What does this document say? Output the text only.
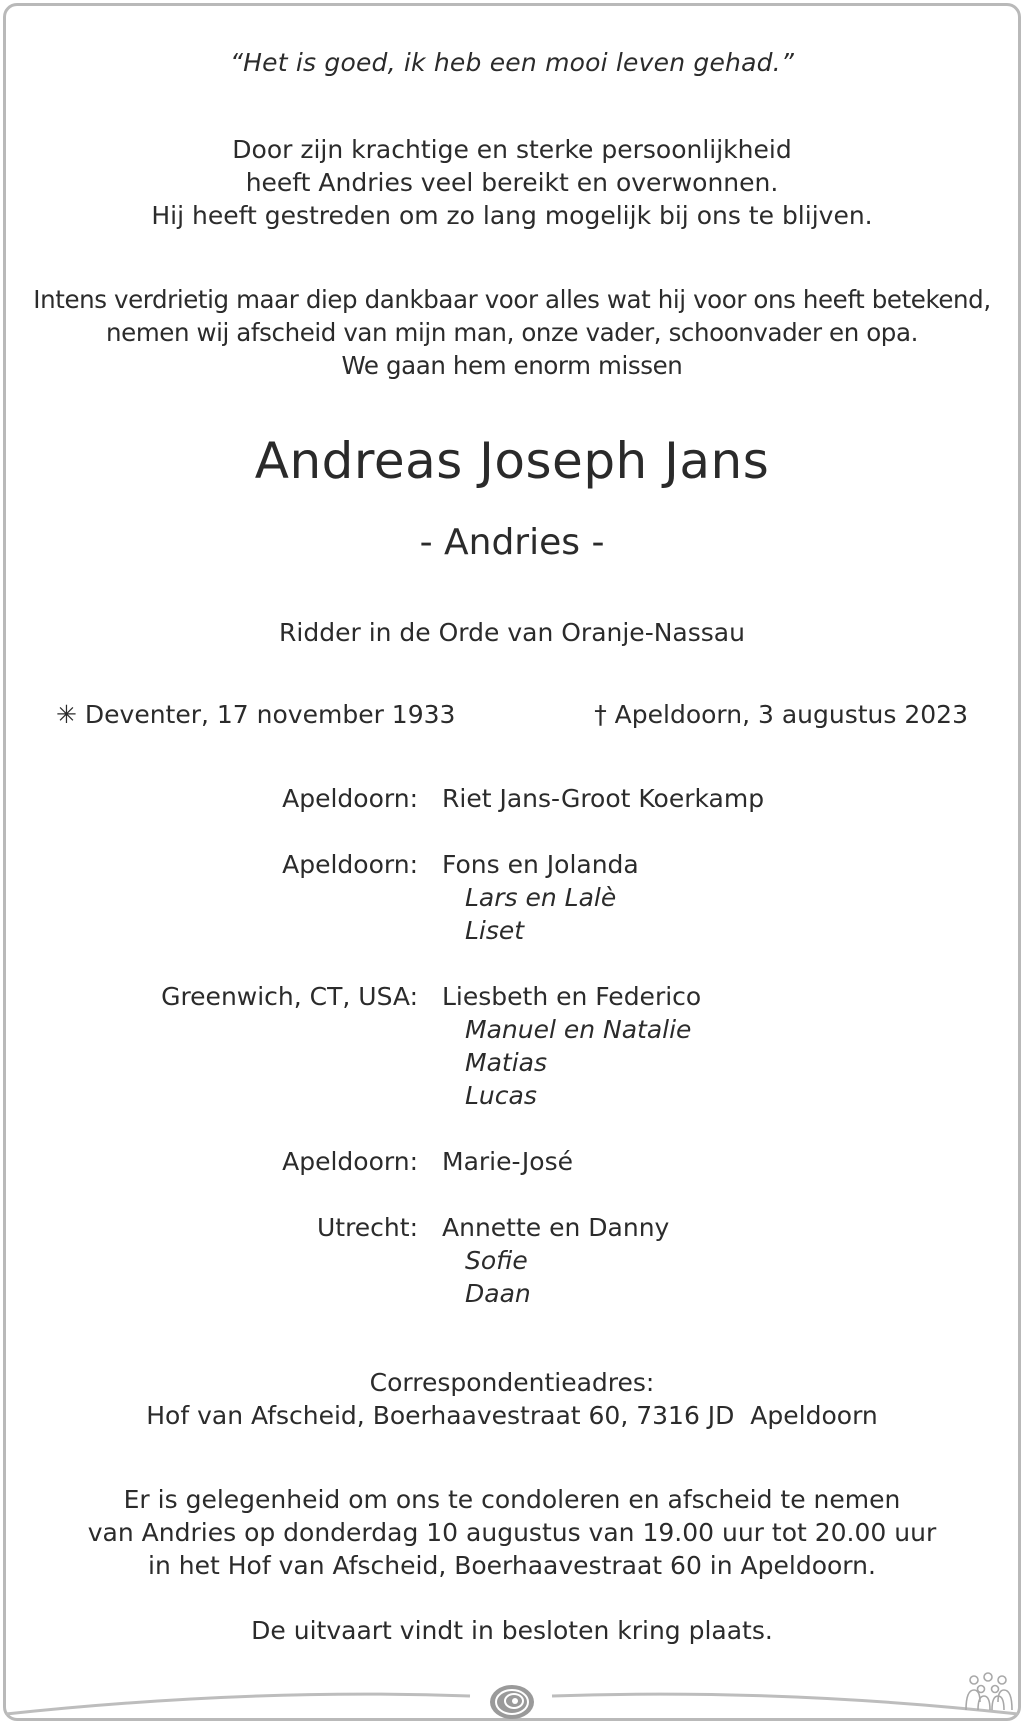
“Het is goed, ik heb een mooi leven gehad.”
Door zijn krachtige en sterke persoonlijkheid
heeft Andries veel bereikt en overwonnen.
Hij heeft gestreden om zo lang mogelijk bij ons te blijven.
Intens verdrietig maar diep dankbaar voor alles wat hij voor ons heeft betekend,
nemen wij afscheid van mijn man, onze vader, schoonvader en opa.
We gaan hem enorm missen
Andreas Joseph Jans
- Andries -
Ridder in de Orde van Oranje-Nassau
✳ Deventer, 17 november 1933	† Apeldoorn, 3 augustus 2023
Apeldoorn: Riet Jans-Groot Koerkamp
Apeldoorn: Fons en Jolanda
Lars en Lalè
Liset
Greenwich, CT, USA: Liesbeth en Federico
Manuel en Natalie
Matias
Lucas
Apeldoorn: Marie-José
Utrecht: Annette en Danny
Sofie
Daan
Correspondentieadres:
Hof van Afscheid, Boerhaavestraat 60, 7316 JD  Apeldoorn
Er is gelegenheid om ons te condoleren en afscheid te nemen
van Andries op donderdag 10 augustus van 19.00 uur tot 20.00 uur
in het Hof van Afscheid, Boerhaavestraat 60 in Apeldoorn.
De uitvaart vindt in besloten kring plaats.
